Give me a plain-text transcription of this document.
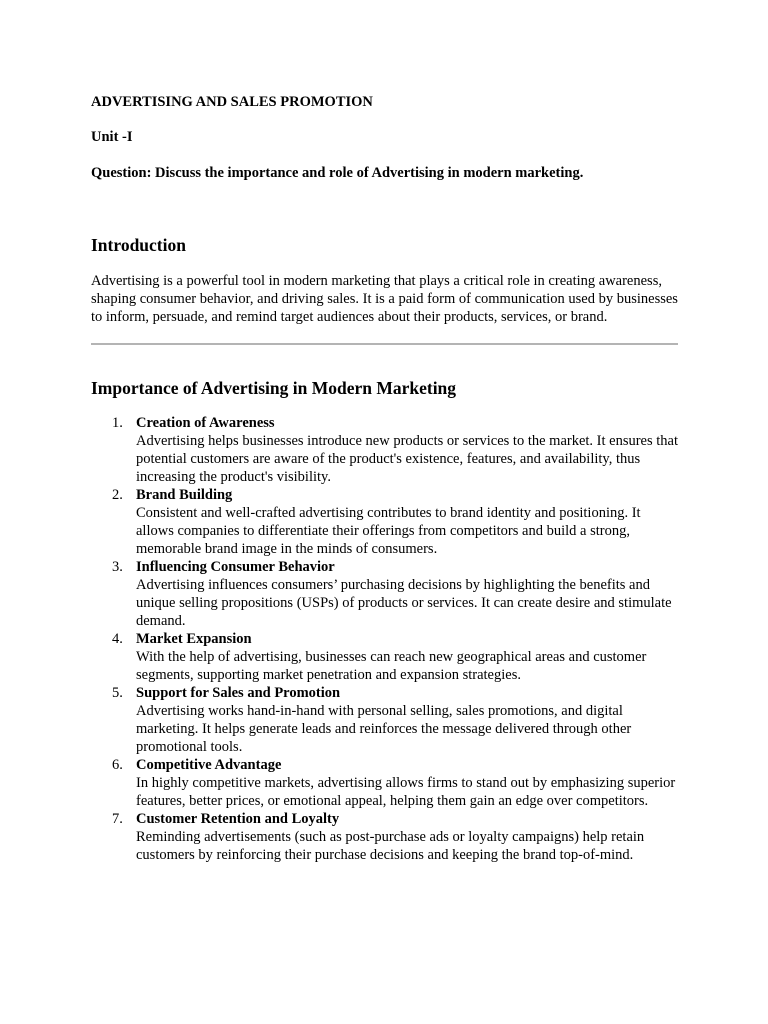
ADVERTISING AND SALES PROMOTION

Unit -I

Question: Discuss the importance and role of Advertising in modern marketing.

Introduction

Advertising is a powerful tool in modern marketing that plays a critical role in creating awareness, shaping consumer behavior, and driving sales. It is a paid form of communication used by businesses to inform, persuade, and remind target audiences about their products, services, or brand.

Importance of Advertising in Modern Marketing
1. Creation of Awareness
Advertising helps businesses introduce new products or services to the market. It ensures that potential customers are aware of the product's existence, features, and availability, thus increasing the product's visibility.
2. Brand Building
Consistent and well-crafted advertising contributes to brand identity and positioning. It allows companies to differentiate their offerings from competitors and build a strong, memorable brand image in the minds of consumers.
3. Influencing Consumer Behavior
Advertising influences consumers’ purchasing decisions by highlighting the benefits and unique selling propositions (USPs) of products or services. It can create desire and stimulate demand.
4. Market Expansion
With the help of advertising, businesses can reach new geographical areas and customer segments, supporting market penetration and expansion strategies.
5. Support for Sales and Promotion
Advertising works hand-in-hand with personal selling, sales promotions, and digital marketing. It helps generate leads and reinforces the message delivered through other promotional tools.
6. Competitive Advantage
In highly competitive markets, advertising allows firms to stand out by emphasizing superior features, better prices, or emotional appeal, helping them gain an edge over competitors.
7. Customer Retention and Loyalty
Reminding advertisements (such as post-purchase ads or loyalty campaigns) help retain customers by reinforcing their purchase decisions and keeping the brand top-of-mind.
